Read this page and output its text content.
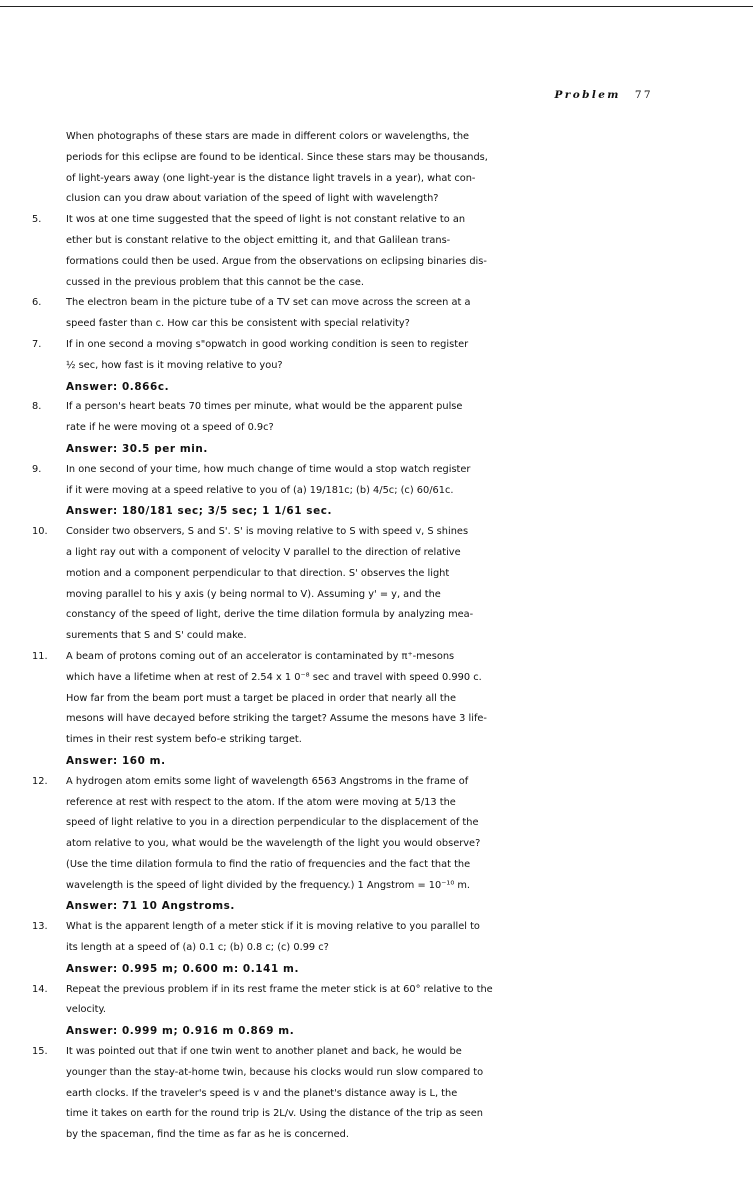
Problem 77
When photographs of these stars are made in different colors or wavelengths, the
periods for this eclipse are found to be identical. Since these stars may be thousands,
of light-years away (one light-year is the distance light travels in a year), what con-
clusion can you draw about variation of the speed of light with wavelength?
5.	It wos at one time suggested that the speed of light is not constant relative to an
ether but is constant relative to the object emitting it, and that Galilean trans-
formations could then be used. Argue from the observations on eclipsing binaries dis-
cussed in the previous problem that this cannot be the case.
6.	The electron beam in the picture tube of a TV set can move across the screen at a
speed faster than c. How car this be consistent with special relativity?
7.	If in one second a moving s"opwatch in good working condition is seen to register
½ sec, how fast is it moving relative to you?
Answer: 0.866c.
8.	If a person's heart beats 70 times per minute, what would be the apparent pulse
rate if he were moving ot a speed of 0.9c?
Answer: 30.5 per min.
9.	In one second of your time, how much change of time would a stop watch register
if it were moving at a speed relative to you of (a) 19/181c; (b) 4/5c; (c) 60/61c.
Answer: 180/181 sec; 3/5 sec; 1 1/61 sec.
10. Consider two observers, S and S'. S' is moving relative to S with speed v, S shines
a light ray out with a component of velocity V parallel to the direction of relative
motion and a component perpendicular to that direction. S' observes the light
moving parallel to his y axis (y being normal to V). Assuming y' = y, and the
constancy of the speed of light, derive the time dilation formula by analyzing mea-
surements that S and S' could make.
11. A beam of protons coming out of an accelerator is contaminated by π⁺-mesons
which have a lifetime when at rest of 2.54 x 1 0⁻⁸ sec and travel with speed 0.990 c.
How far from the beam port must a target be placed in order that nearly all the
mesons will have decayed before striking the target? Assume the mesons have 3 life-
times in their rest system befo-e striking target.
Answer: 160 m.
12. A hydrogen atom emits some light of wavelength 6563 Angstroms in the frame of
reference at rest with respect to the atom. If the atom were moving at 5/13 the
speed of light relative to you in a direction perpendicular to the displacement of the
atom relative to you, what would be the wavelength of the light you would observe?
(Use the time dilation formula to find the ratio of frequencies and the fact that the
wavelength is the speed of light divided by the frequency.) 1 Angstrom = 10⁻¹⁰ m.
Answer: 71 10 Angstroms.
13. What is the apparent length of a meter stick if it is moving relative to you parallel to
its length at a speed of (a) 0.1 c; (b) 0.8 c; (c) 0.99 c?
Answer: 0.995 m; 0.600 m: 0.141 m.
14. Repeat the previous problem if in its rest frame the meter stick is at 60° relative to the
velocity.
Answer: 0.999 m; 0.916 m 0.869 m.
15. It was pointed out that if one twin went to another planet and back, he would be
younger than the stay-at-home twin, because his clocks would run slow compared to
earth clocks. If the traveler's speed is v and the planet's distance away is L, the
time it takes on earth for the round trip is 2L/v. Using the distance of the trip as seen
by the spaceman, find the time as far as he is concerned.
